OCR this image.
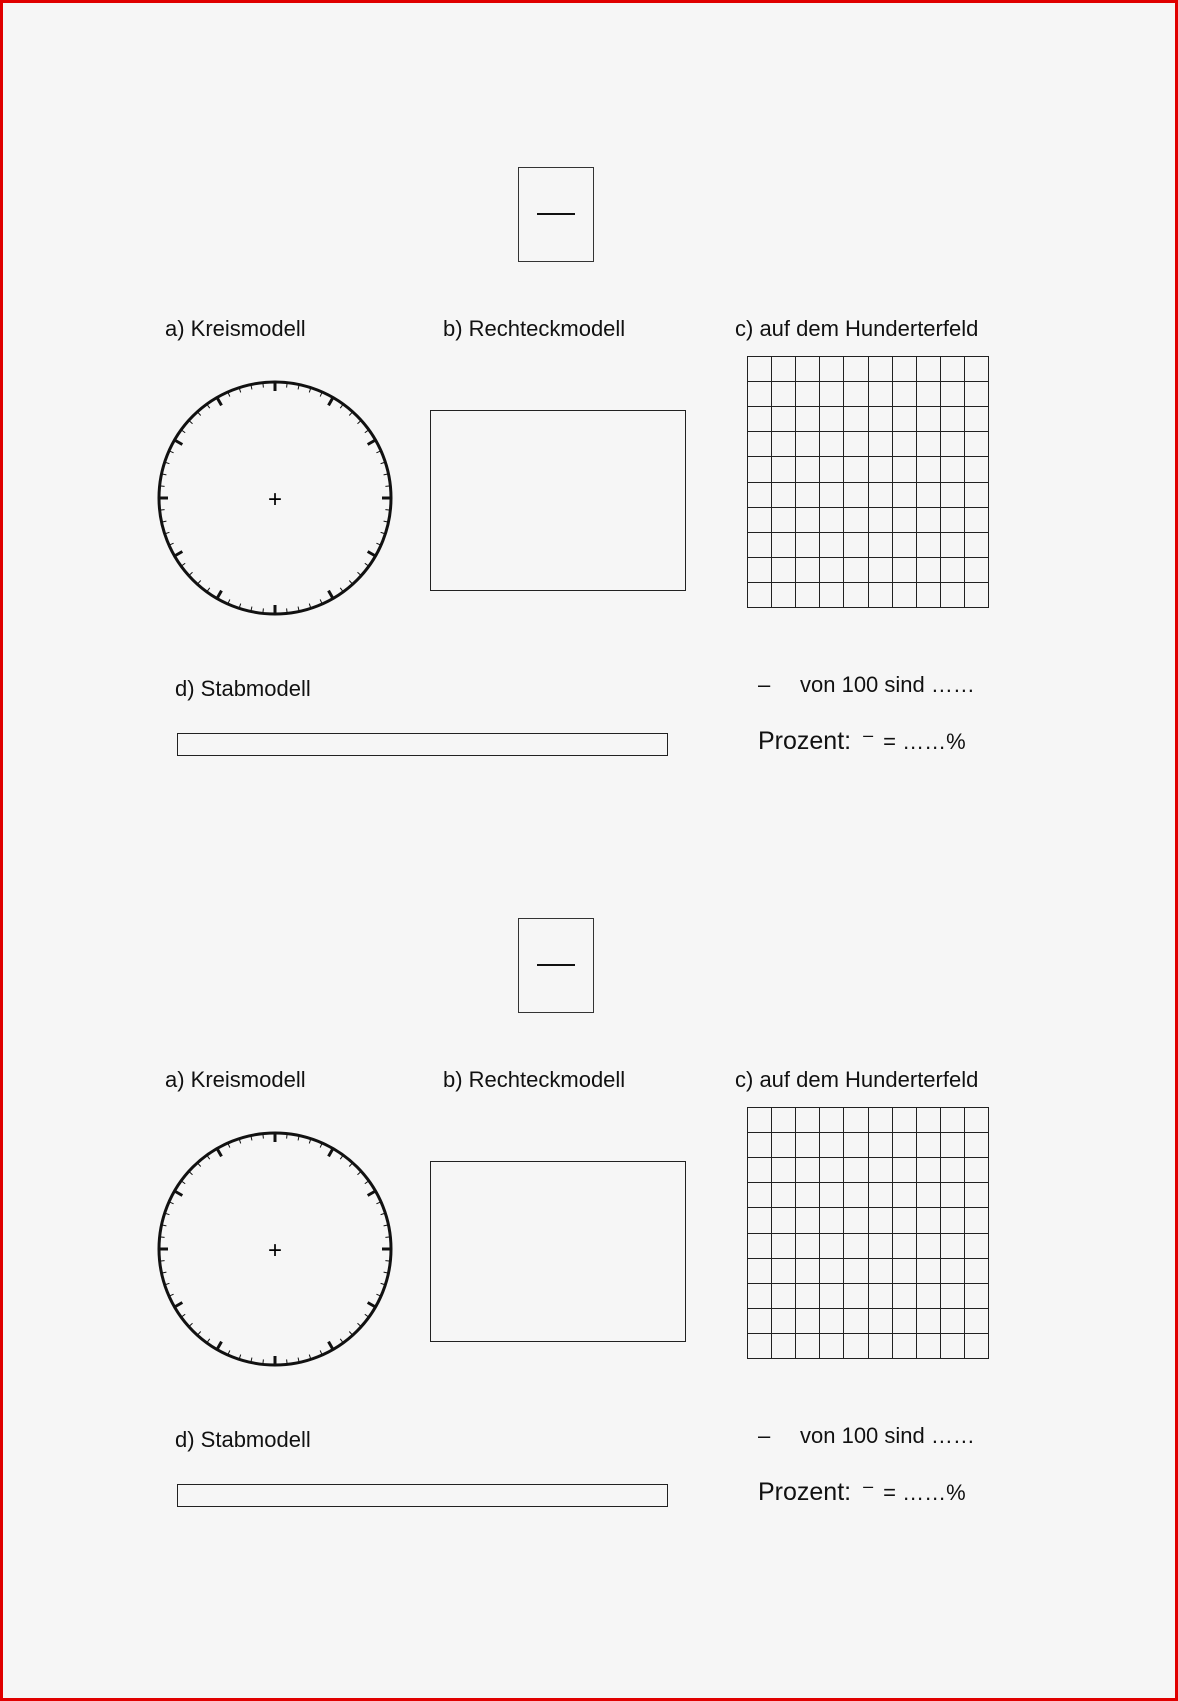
a) Kreismodell	b) Rechteckmodell	c) auf dem Hunderterfeld
+
d) Stabmodell	– von 100 sind ……
Prozent: – = ……%
a) Kreismodell	b) Rechteckmodell	c) auf dem Hunderterfeld
+
d) Stabmodell	– von 100 sind ……
Prozent: – = ……%
